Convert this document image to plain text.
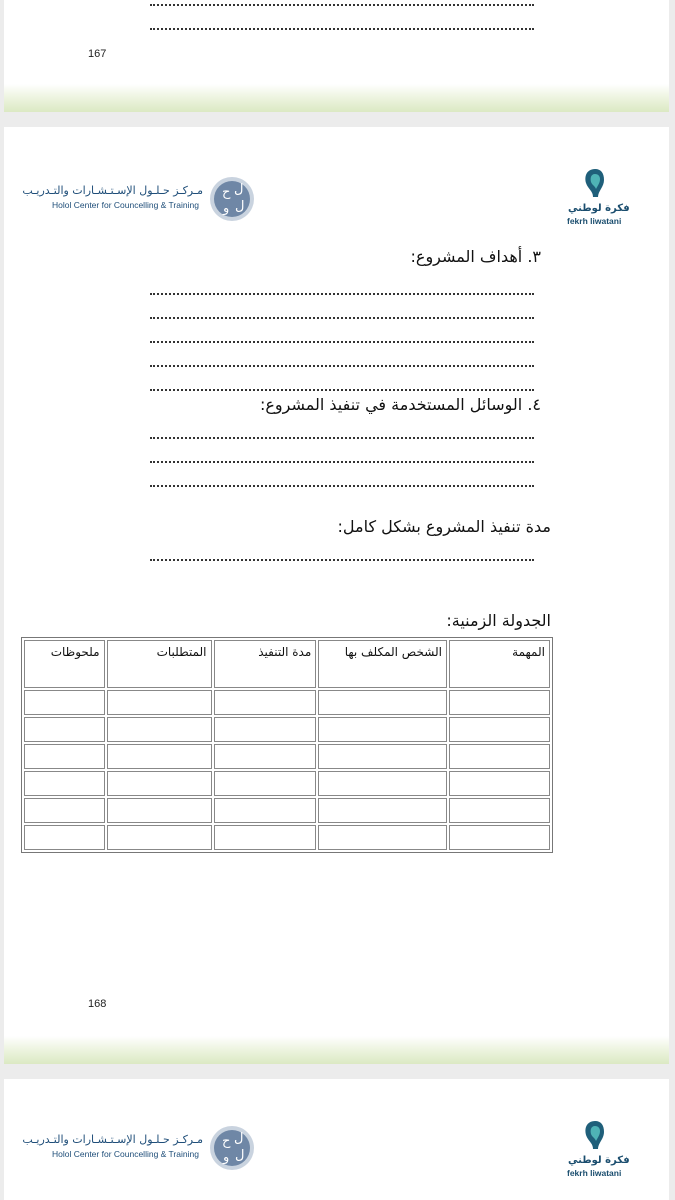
167
مـركـز حـلـول الإسـتـشـارات والتـدريـب
Holol Center for Councelling & Training
ح ل
و ل	فكرة لوطني
fekrh liwatani
٣. أهداف المشروع:
٤. الوسائل المستخدمة في تنفيذ المشروع:
مدة تنفيذ المشروع بشكل كامل:
الجدولة الزمنية:
168
المهمة	الشخص المكلف بها	مدة التنفيذ	المتطلبات	ملحوظات

مـركـز حـلـول الإسـتـشـارات والتـدريـب
Holol Center for Councelling & Training
ح ل
و ل	فكرة لوطني
fekrh liwatani
